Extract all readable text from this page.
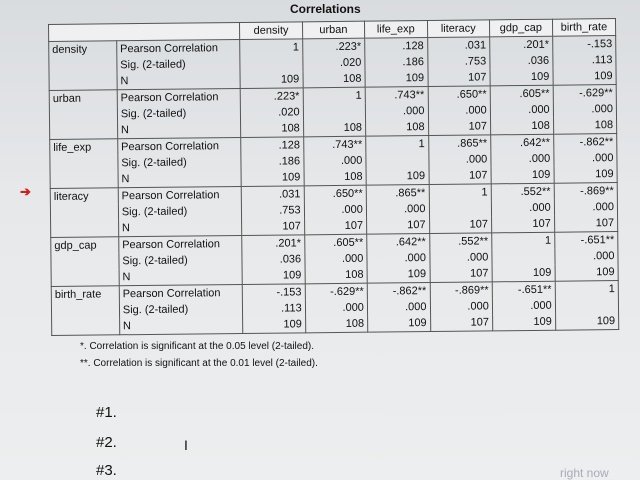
Correlations
		density	urban	life_exp	literacy	gdp_cap	birth_rate
density	Pearson Correlation	1	.223*	.128	.031	.201*	-.153
	Sig. (2-tailed)		.020	.186	.753	.036	.113
	N	109	108	109	107	109	109
urban	Pearson Correlation	.223*	1	.743**	.650**	.605**	-.629**
	Sig. (2-tailed)	.020		.000	.000	.000	.000
	N	108	108	108	107	108	108
life_exp	Pearson Correlation	.128	.743**	1	.865**	.642**	-.862**
	Sig. (2-tailed)	.186	.000		.000	.000	.000
	N	109	108	109	107	109	109
literacy	Pearson Correlation	.031	.650**	.865**	1	.552**	-.869**
	Sig. (2-tailed)	.753	.000	.000		.000	.000
	N	107	107	107	107	107	107
gdp_cap	Pearson Correlation	.201*	.605**	.642**	.552**	1	-.651**
	Sig. (2-tailed)	.036	.000	.000	.000		.000
	N	109	108	109	107	109	109
birth_rate	Pearson Correlation	-.153	-.629**	-.862**	-.869**	-.651**	1
	Sig. (2-tailed)	.113	.000	.000	.000	.000	
	N	109	108	109	107	109	109
*. Correlation is significant at the 0.05 level (2-tailed).
**. Correlation is significant at the 0.01 level (2-tailed).
➔
#1.
#2.
#3.
I
right now
